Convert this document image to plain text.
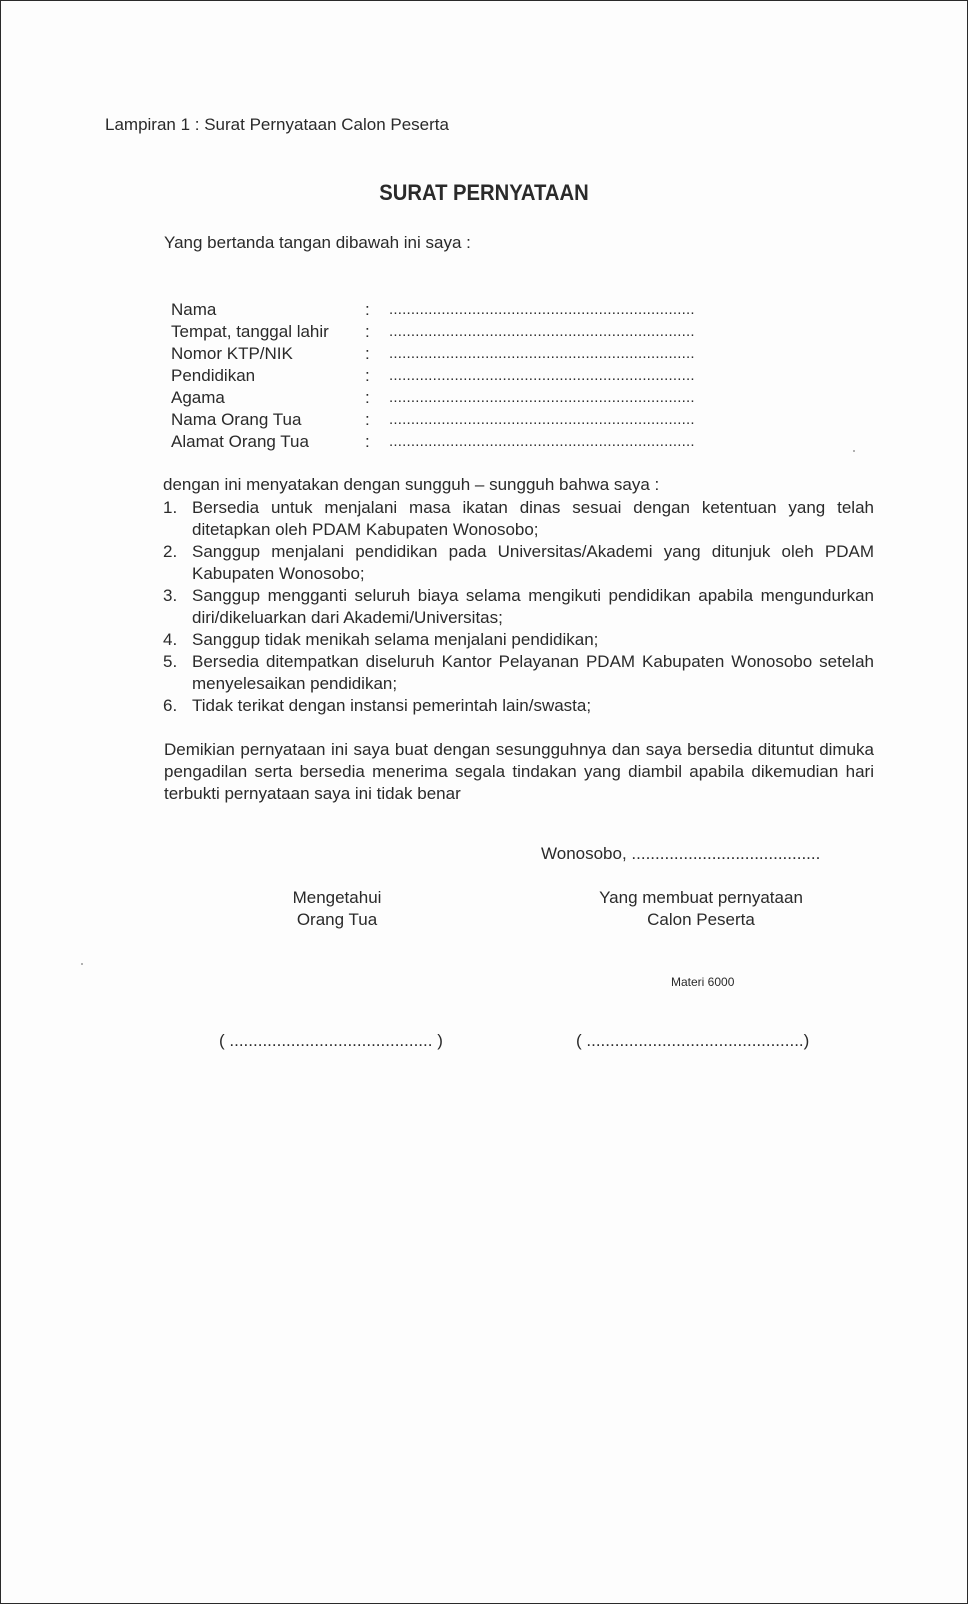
Lampiran 1 : Surat Pernyataan Calon Peserta
SURAT PERNYATAAN
Yang bertanda tangan dibawah ini saya :
Nama	:	......................................................................
Tempat, tanggal lahir	:	......................................................................
Nomor KTP/NIK	:	......................................................................
Pendidikan	:	......................................................................
Agama	:	......................................................................
Nama Orang Tua	:	......................................................................
Alamat Orang Tua	:	......................................................................
dengan ini menyatakan dengan sungguh – sungguh bahwa saya :
1. Bersedia untuk menjalani masa ikatan dinas sesuai dengan ketentuan yang telah ditetapkan oleh PDAM Kabupaten Wonosobo;
2. Sanggup menjalani pendidikan pada Universitas/Akademi yang ditunjuk oleh PDAM Kabupaten Wonosobo;
3. Sanggup mengganti seluruh biaya selama mengikuti pendidikan apabila mengundurkan diri/dikeluarkan dari Akademi/Universitas;
4. Sanggup tidak menikah selama menjalani pendidikan;
5. Bersedia ditempatkan diseluruh Kantor Pelayanan PDAM Kabupaten Wonosobo setelah menyelesaikan pendidikan;
6. Tidak terikat dengan instansi pemerintah lain/swasta;
Demikian pernyataan ini saya buat dengan sesungguhnya dan saya bersedia dituntut dimuka pengadilan serta bersedia menerima segala tindakan yang diambil apabila dikemudian hari terbukti pernyataan saya ini tidak benar
Wonosobo, ........................................
Mengetahui
Orang Tua
Yang membuat pernyataan
Calon Peserta
Materi 6000
( ........................................... )	( ..............................................)
